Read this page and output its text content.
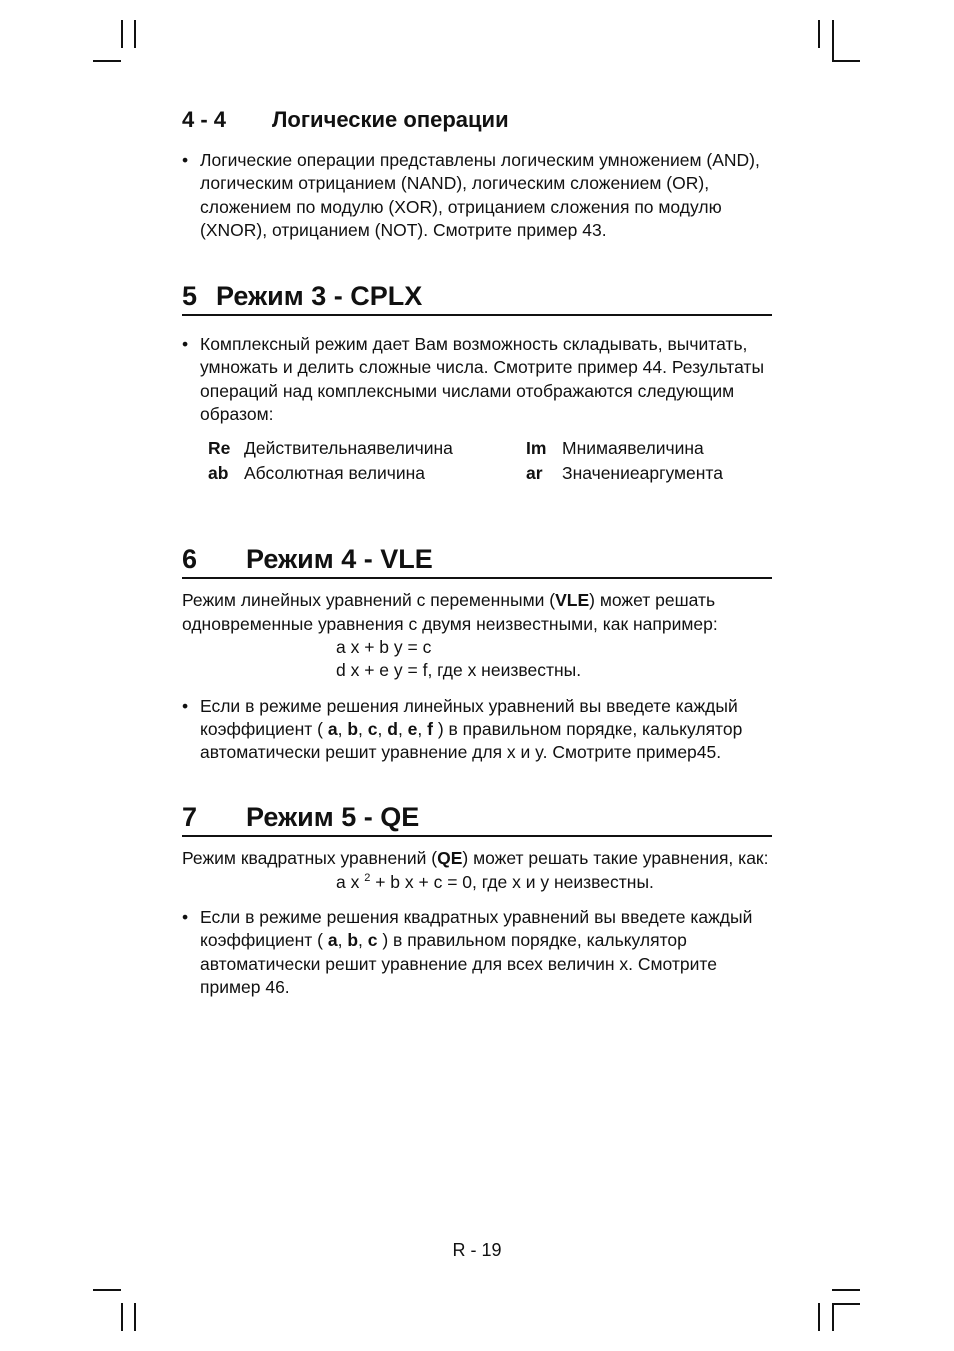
4 - 4 Логические операции

• Логические операции представлены логическим умножением (AND), логическим отрицанием (NAND), логическим сложением (OR), сложением по модулю (XOR), отрицанием сложения по модулю (XNOR), отрицанием (NOT). Смотрите пример 43.

5 Режим 3 - CPLX

• Комплексный режим дает Вам возможность складывать, вычитать, умножать и делить сложные числа. Смотрите пример 44. Результаты операций над комплексными числами отображаются следующим образом:

Re Действительнаявеличина	Im Мнимаявеличина
ab Абсолютная величина	ar	Значениеаргумента
6 Режим 4 - VLE

Режим линейных уравнений с переменными (VLE) может решать одновременные уравнения с двумя неизвестными, как например:

a x + b y = c
d x + e y = f, где x неизвестны.

• Если в режиме решения линейных уравнений вы введете каждый коэффициент ( a, b, c, d, e, f ) в правильном порядке, калькулятор автоматически решит уравнение для x и y. Смотрите пример45.

7 Режим 5 - QE

Режим квадратных уравнений (QE) может решать такие уравнения, как:

a x $^2$ + b x + c = 0, где x и y неизвестны.

• Если в режиме решения квадратных уравнений вы введете каждый коэффициент ( a, b, c ) в правильном порядке, калькулятор автоматически решит уравнение для всех величин x. Смотрите пример 46.

R - 19
